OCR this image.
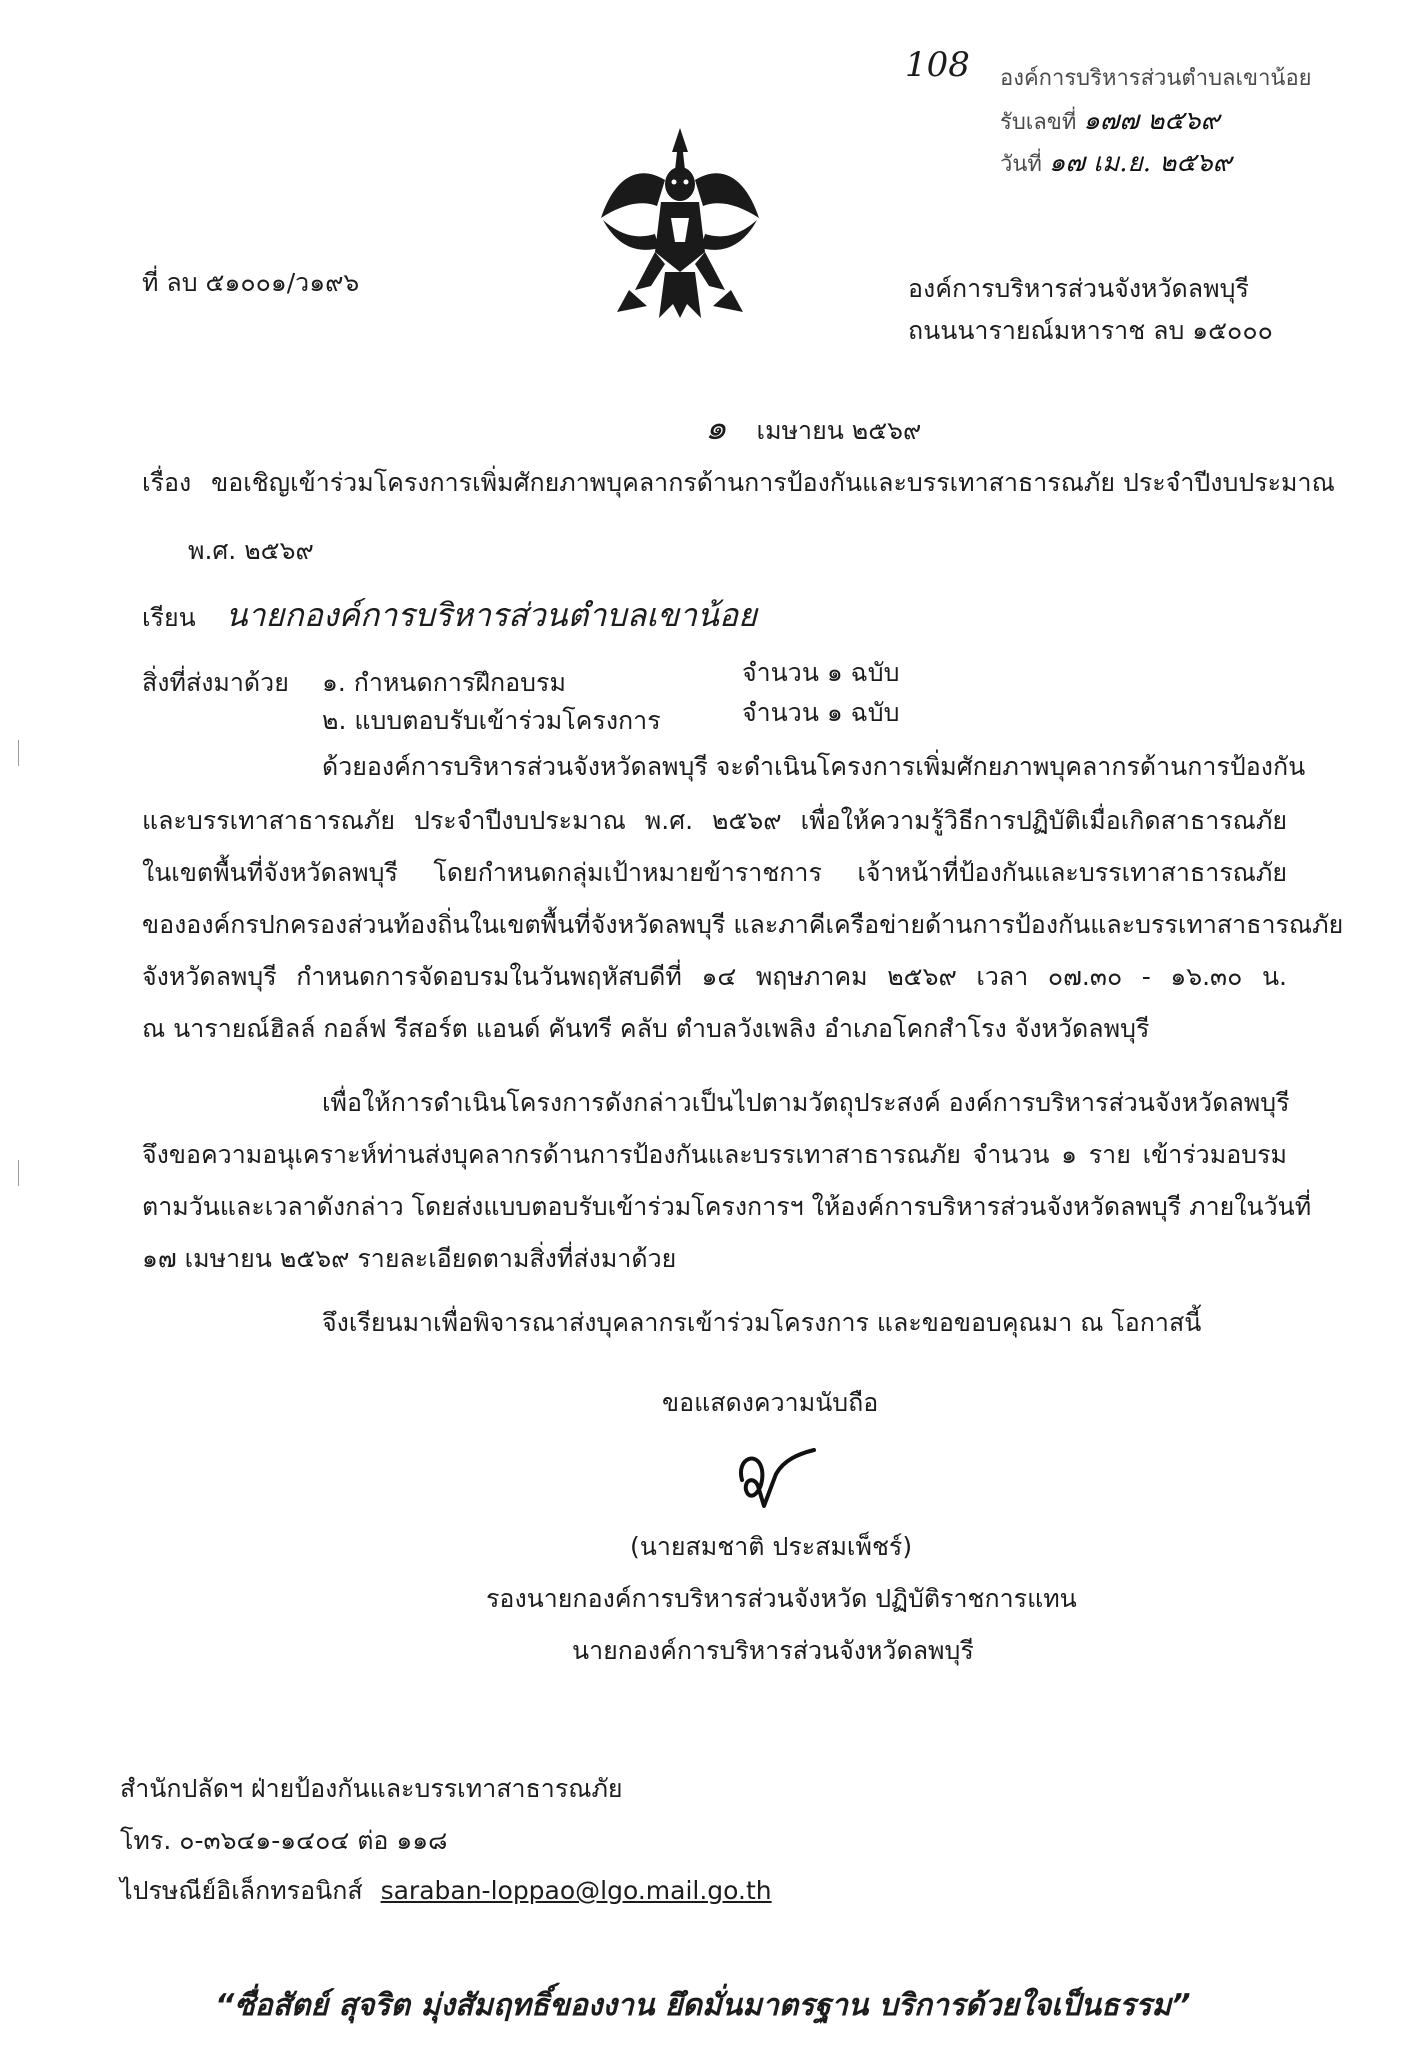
108 องค์การบริหารส่วนตำบลเขาน้อย
รับเลขที่ ๑๗๗ ๒๕๖๙
วันที่ ๑๗ เม.ย. ๒๕๖๙
ที่ ลบ ๕๑๐๐๑/ว๑๙๖	องค์การบริหารส่วนจังหวัดลพบุรี
ถนนนารายณ์มหาราช ลบ ๑๕๐๐๐
๑ เมษายน ๒๕๖๙
เรื่อง ขอเชิญเข้าร่วมโครงการเพิ่มศักยภาพบุคลากรด้านการป้องกันและบรรเทาสาธารณภัย ประจำปีงบประมาณ
พ.ศ. ๒๕๖๙
เรียน นายกองค์การบริหารส่วนตำบลเขาน้อย
สิ่งที่ส่งมาด้วย ๑. กำหนดการฝึกอบรม	จำนวน ๑ ฉบับ
๒. แบบตอบรับเข้าร่วมโครงการ	จำนวน ๑ ฉบับ
ด้วยองค์การบริหารส่วนจังหวัดลพบุรี จะดำเนินโครงการเพิ่มศักยภาพบุคลากรด้านการป้องกัน
และบรรเทาสาธารณภัย ประจำปีงบประมาณ พ.ศ. ๒๕๖๙ เพื่อให้ความรู้วิธีการปฏิบัติเมื่อเกิดสาธารณภัย
ในเขตพื้นที่จังหวัดลพบุรี โดยกำหนดกลุ่มเป้าหมายข้าราชการ เจ้าหน้าที่ป้องกันและบรรเทาสาธารณภัย
ขององค์กรปกครองส่วนท้องถิ่นในเขตพื้นที่จังหวัดลพบุรี และภาคีเครือข่ายด้านการป้องกันและบรรเทาสาธารณภัย
จังหวัดลพบุรี กำหนดการจัดอบรมในวันพฤหัสบดีที่ ๑๔ พฤษภาคม ๒๕๖๙ เวลา ๐๗.๓๐ - ๑๖.๓๐ น.
ณ นารายณ์ฮิลล์ กอล์ฟ รีสอร์ต แอนด์ คันทรี คลับ ตำบลวังเพลิง อำเภอโคกสำโรง จังหวัดลพบุรี
เพื่อให้การดำเนินโครงการดังกล่าวเป็นไปตามวัตถุประสงค์ องค์การบริหารส่วนจังหวัดลพบุรี
จึงขอความอนุเคราะห์ท่านส่งบุคลากรด้านการป้องกันและบรรเทาสาธารณภัย จำนวน ๑ ราย เข้าร่วมอบรม
ตามวันและเวลาดังกล่าว โดยส่งแบบตอบรับเข้าร่วมโครงการฯ ให้องค์การบริหารส่วนจังหวัดลพบุรี ภายในวันที่
๑๗ เมษายน ๒๕๖๙ รายละเอียดตามสิ่งที่ส่งมาด้วย
จึงเรียนมาเพื่อพิจารณาส่งบุคลากรเข้าร่วมโครงการ และขอขอบคุณมา ณ โอกาสนี้
ขอแสดงความนับถือ
(นายสมชาติ ประสมเพ็ชร์)
รองนายกองค์การบริหารส่วนจังหวัด ปฏิบัติราชการแทน
นายกองค์การบริหารส่วนจังหวัดลพบุรี
สำนักปลัดฯ ฝ่ายป้องกันและบรรเทาสาธารณภัย
โทร. ๐-๓๖๔๑-๑๔๐๔ ต่อ ๑๑๘
ไปรษณีย์อิเล็กทรอนิกส์ saraban-loppao@lgo.mail.go.th
“ซื่อสัตย์ สุจริต มุ่งสัมฤทธิ์ของงาน ยึดมั่นมาตรฐาน บริการด้วยใจเป็นธรรม”
